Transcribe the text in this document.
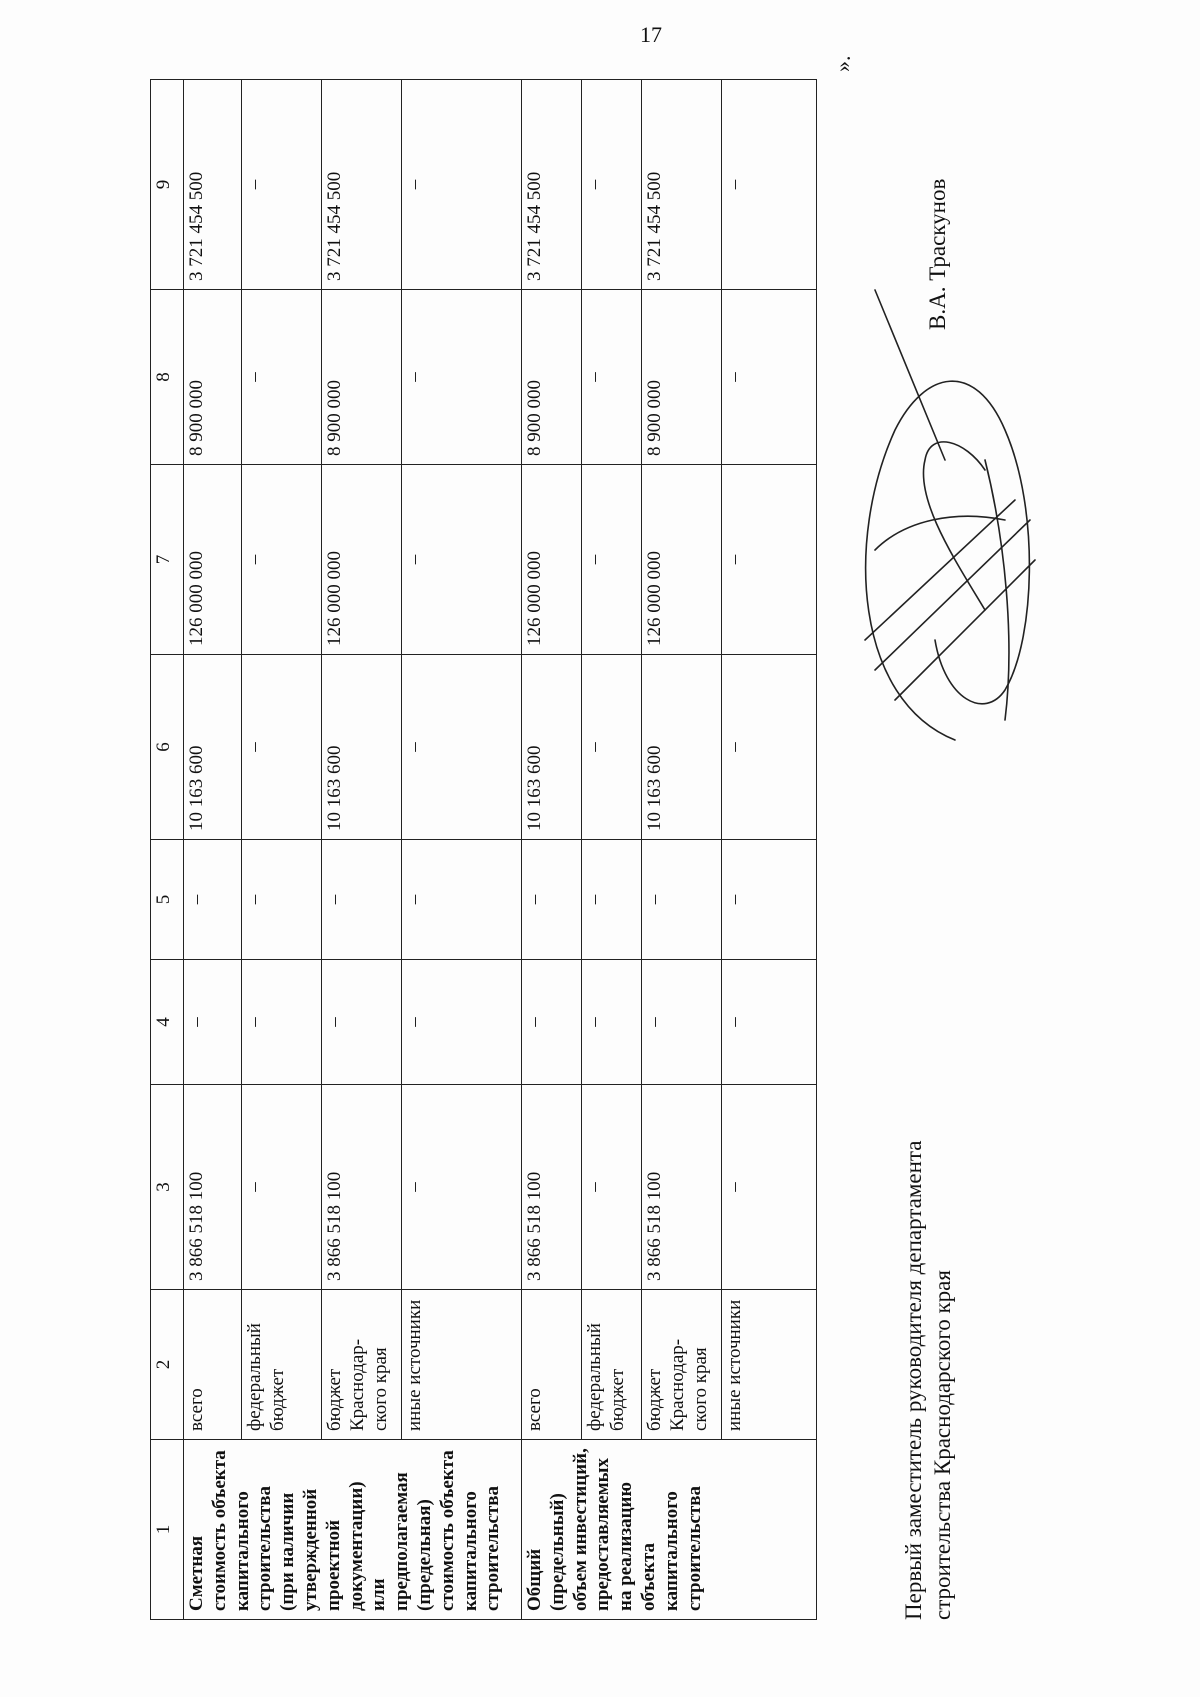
17
1	2	3	4	5	6	7	8	9
Сметная стоимость объекта капитального строительства (при наличии утвержденной проектной документации) или предполагаемая (предельная) стоимость объекта капитального строительства	всего	3 866 518 100	–	–	10 163 600	126 000 000	8 900 000	3 721 454 500
	федеральный бюджет	–	–	–	–	–	–	–
	бюджет Краснодар-ского края	3 866 518 100	–	–	10 163 600	126 000 000	8 900 000	3 721 454 500
	иные источники	–	–	–	–	–	–	–
Общий (предельный) объем инвестиций, предоставляемых на реализацию объекта капитального строительства	всего	3 866 518 100	–	–	10 163 600	126 000 000	8 900 000	3 721 454 500
	федеральный бюджет	–	–	–	–	–	–	–
	бюджет Краснодар-ского края	3 866 518 100	–	–	10 163 600	126 000 000	8 900 000	3 721 454 500
	иные источники	–	–	–	–	–	–	–
».
Первый заместитель руководителя департамента строительства Краснодарского края
В.А. Траскунов
